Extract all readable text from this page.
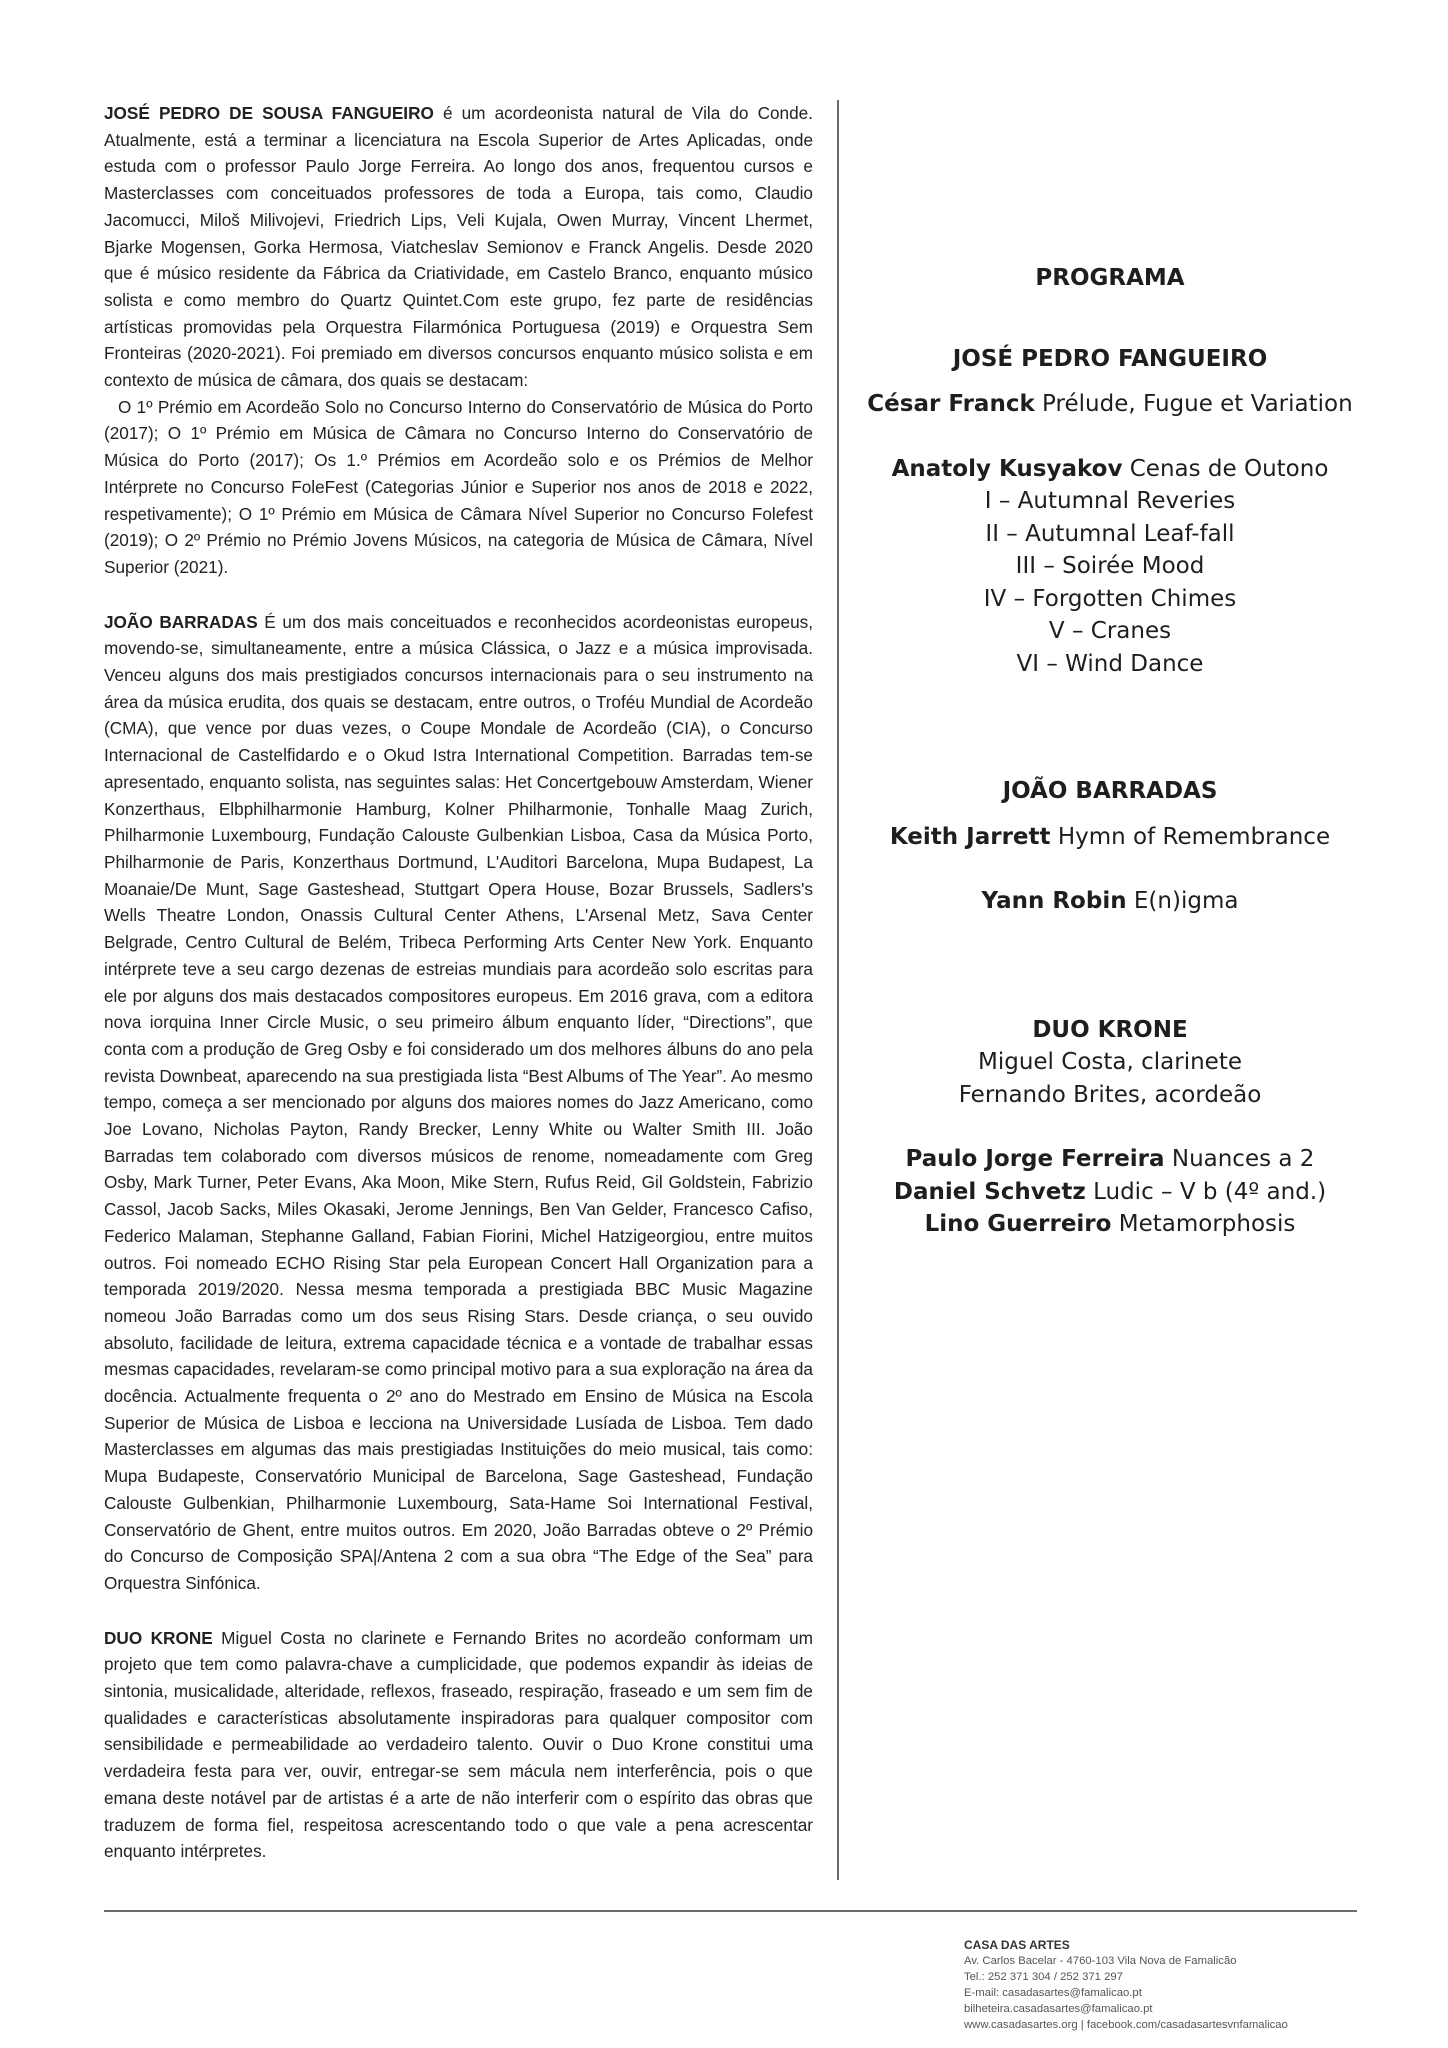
JOSÉ PEDRO DE SOUSA FANGUEIRO é um acordeonista natural de Vila do Conde. Atualmente, está a terminar a licenciatura na Escola Superior de Artes Aplicadas, onde estuda com o professor Paulo Jorge Ferreira. Ao longo dos anos, frequentou cursos e Masterclasses com conceituados professores de toda a Europa, tais como, Claudio Jacomucci, Miloš Milivojevi, Friedrich Lips, Veli Kujala, Owen Murray, Vincent Lhermet, Bjarke Mogensen, Gorka Hermosa, Viatcheslav Semionov e Franck Angelis. Desde 2020 que é músico residente da Fábrica da Criatividade, em Castelo Branco, enquanto músico solista e como membro do Quartz Quintet.Com este grupo, fez parte de residências artísticas promovidas pela Orquestra Filarmónica Portuguesa (2019) e Orquestra Sem Fronteiras (2020-2021). Foi premiado em diversos concursos enquanto músico solista e em contexto de música de câmara, dos quais se destacam:

O 1º Prémio em Acordeão Solo no Concurso Interno do Conservatório de Música do Porto (2017); O 1º Prémio em Música de Câmara no Concurso Interno do Conservatório de Música do Porto (2017); Os 1.º Prémios em Acordeão solo e os Prémios de Melhor Intérprete no Concurso FoleFest (Categorias Júnior e Superior nos anos de 2018 e 2022, respetivamente); O 1º Prémio em Música de Câmara Nível Superior no Concurso Folefest (2019); O 2º Prémio no Prémio Jovens Músicos, na categoria de Música de Câmara, Nível Superior (2021).

JOÃO BARRADAS É um dos mais conceituados e reconhecidos acordeonistas europeus, movendo-se, simultaneamente, entre a música Clássica, o Jazz e a música improvisada. Venceu alguns dos mais prestigiados concursos internacionais para o seu instrumento na área da música erudita, dos quais se destacam, entre outros, o Troféu Mundial de Acordeão (CMA), que vence por duas vezes, o Coupe Mondale de Acordeão (CIA), o Concurso Internacional de Castelfidardo e o Okud Istra International Competition. Barradas tem-se apresentado, enquanto solista, nas seguintes salas: Het Concertgebouw Amsterdam, Wiener Konzerthaus, Elbphilharmonie Hamburg, Kolner Philharmonie, Tonhalle Maag Zurich, Philharmonie Luxembourg, Fundação Calouste Gulbenkian Lisboa, Casa da Música Porto, Philharmonie de Paris, Konzerthaus Dortmund, L'Auditori Barcelona, Mupa Budapest, La Moanaie/De Munt, Sage Gasteshead, Stuttgart Opera House, Bozar Brussels, Sadlers's Wells Theatre London, Onassis Cultural Center Athens, L'Arsenal Metz, Sava Center Belgrade, Centro Cultural de Belém, Tribeca Performing Arts Center New York. Enquanto intérprete teve a seu cargo dezenas de estreias mundiais para acordeão solo escritas para ele por alguns dos mais destacados compositores europeus. Em 2016 grava, com a editora nova iorquina Inner Circle Music, o seu primeiro álbum enquanto líder, “Directions”, que conta com a produção de Greg Osby e foi considerado um dos melhores álbuns do ano pela revista Downbeat, aparecendo na sua prestigiada lista “Best Albums of The Year”. Ao mesmo tempo, começa a ser mencionado por alguns dos maiores nomes do Jazz Americano, como Joe Lovano, Nicholas Payton, Randy Brecker, Lenny White ou Walter Smith III. João Barradas tem colaborado com diversos músicos de renome, nomeadamente com Greg Osby, Mark Turner, Peter Evans, Aka Moon, Mike Stern, Rufus Reid, Gil Goldstein, Fabrizio Cassol, Jacob Sacks, Miles Okasaki, Jerome Jennings, Ben Van Gelder, Francesco Cafiso, Federico Malaman, Stephanne Galland, Fabian Fiorini, Michel Hatzigeorgiou, entre muitos outros. Foi nomeado ECHO Rising Star pela European Concert Hall Organization para a temporada 2019/2020. Nessa mesma temporada a prestigiada BBC Music Magazine nomeou João Barradas como um dos seus Rising Stars. Desde criança, o seu ouvido absoluto, facilidade de leitura, extrema capacidade técnica e a vontade de trabalhar essas mesmas capacidades, revelaram-se como principal motivo para a sua exploração na área da docência. Actualmente frequenta o 2º ano do Mestrado em Ensino de Música na Escola Superior de Música de Lisboa e lecciona na Universidade Lusíada de Lisboa. Tem dado Masterclasses em algumas das mais prestigiadas Instituições do meio musical, tais como: Mupa Budapeste, Conservatório Municipal de Barcelona, Sage Gasteshead, Fundação Calouste Gulbenkian, Philharmonie Luxembourg, Sata-Hame Soi International Festival, Conservatório de Ghent, entre muitos outros. Em 2020, João Barradas obteve o 2º Prémio do Concurso de Composição SPA|/Antena 2 com a sua obra “The Edge of the Sea” para Orquestra Sinfónica.

DUO KRONE Miguel Costa no clarinete e Fernando Brites no acordeão conformam um projeto que tem como palavra-chave a cumplicidade, que podemos expandir às ideias de sintonia, musicalidade, alteridade, reflexos, fraseado, respiração, fraseado e um sem fim de qualidades e características absolutamente inspiradoras para qualquer compositor com sensibilidade e permeabilidade ao verdadeiro talento. Ouvir o Duo Krone constitui uma verdadeira festa para ver, ouvir, entregar-se sem mácula nem interferência, pois o que emana deste notável par de artistas é a arte de não interferir com o espírito das obras que traduzem de forma fiel, respeitosa acrescentando todo o que vale a pena acrescentar enquanto intérpretes.

PROGRAMA
JOSÉ PEDRO FANGUEIRO
César Franck Prélude, Fugue et Variation
Anatoly Kusyakov Cenas de Outono
I – Autumnal Reveries
II – Autumnal Leaf-fall
III – Soirée Mood
IV – Forgotten Chimes
V – Cranes
VI – Wind Dance
JOÃO BARRADAS
Keith Jarrett Hymn of Remembrance
Yann Robin E(n)igma
DUO KRONE
Miguel Costa, clarinete
Fernando Brites, acordeão
Paulo Jorge Ferreira Nuances a 2
Daniel Schvetz Ludic – V b (4º and.)
Lino Guerreiro Metamorphosis
CASA DAS ARTES
Av. Carlos Bacelar - 4760-103 Vila Nova de Famalicão
Tel.: 252 371 304 / 252 371 297
E-mail: casadasartes@famalicao.pt
bilheteira.casadasartes@famalicao.pt
www.casadasartes.org | facebook.com/casadasartesvnfamalicao
